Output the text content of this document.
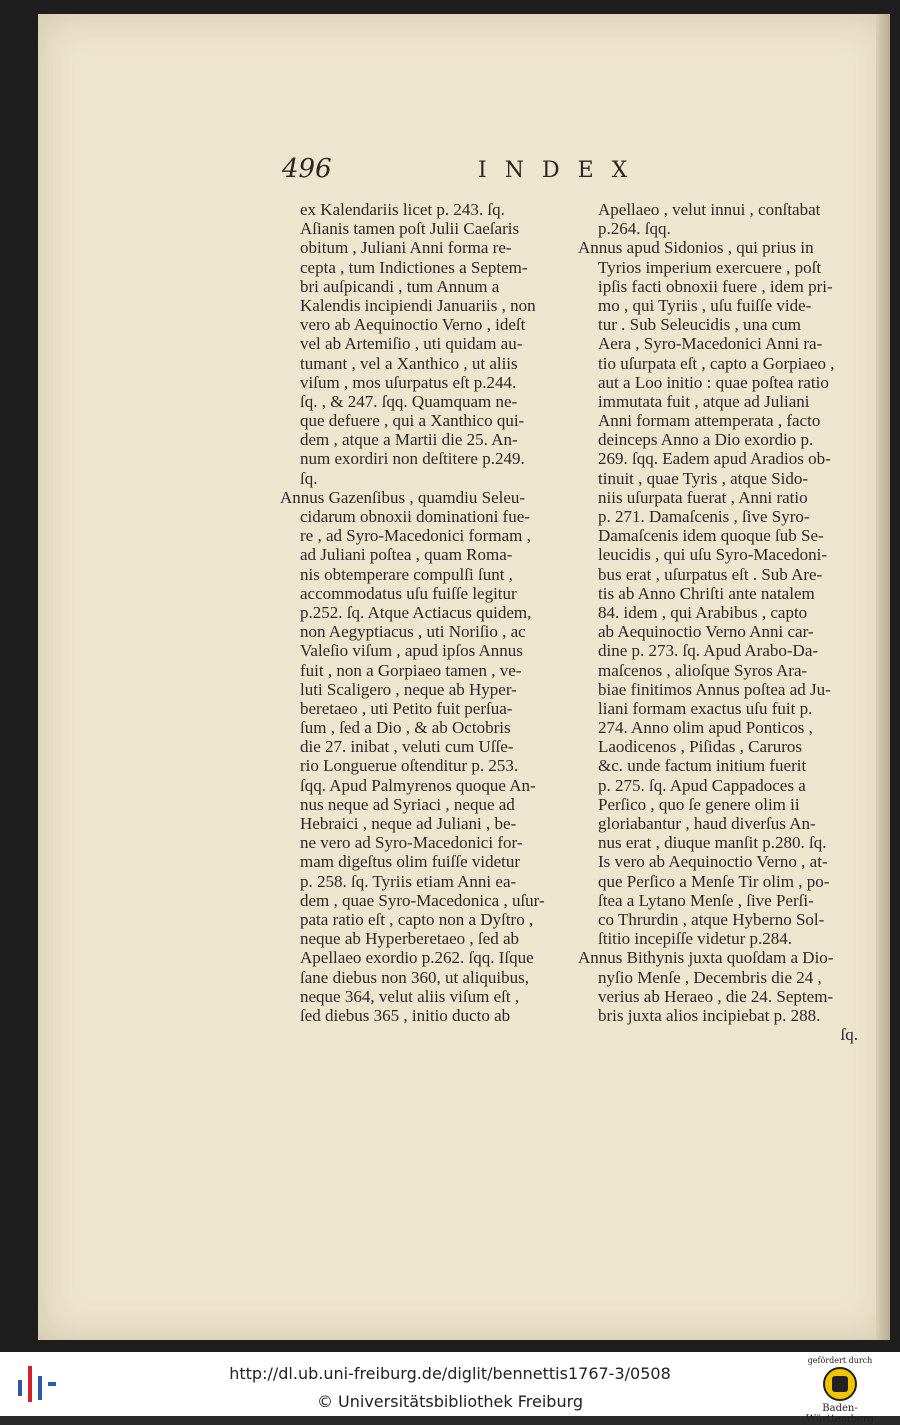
496	INDEX
ex Kalendariis licet p. 243. ſq.
Aſianis tamen poſt Julii Caeſaris
obitum , Juliani Anni forma re-
cepta , tum Indictiones a Septem-
bri auſpicandi , tum Annum a
Kalendis incipiendi Januariis , non
vero ab Aequinoctio Verno , ideſt
vel ab Artemiſio , uti quidam au-
tumant , vel a Xanthico , ut aliis
viſum , mos uſurpatus eſt p.244.
ſq. , & 247. ſqq. Quamquam ne-
que defuere , qui a Xanthico qui-
dem , atque a Martii die 25. An-
num exordiri non deſtitere p.249.
ſq.
Annus Gazenſibus , quamdiu Seleu-
cidarum obnoxii dominationi fue-
re , ad Syro-Macedonici formam ,
ad Juliani poſtea , quam Roma-
nis obtemperare compulſi ſunt ,
accommodatus uſu fuiſſe legitur
p.252. ſq. Atque Actiacus quidem,
non Aegyptiacus , uti Noriſio , ac
Valeſio viſum , apud ipſos Annus
fuit , non a Gorpiaeo tamen , ve-
luti Scaligero , neque ab Hyper-
beretaeo , uti Petito fuit perſua-
ſum , ſed a Dio , & ab Octobris
die 27. inibat , veluti cum Uſſe-
rio Longuerue oſtenditur p. 253.
ſqq. Apud Palmyrenos quoque An-
nus neque ad Syriaci , neque ad
Hebraici , neque ad Juliani , be-
ne vero ad Syro-Macedonici for-
mam digeſtus olim fuiſſe videtur
p. 258. ſq. Tyriis etiam Anni ea-
dem , quae Syro-Macedonica , uſur-
pata ratio eſt , capto non a Dyſtro ,
neque ab Hyperberetaeo , ſed ab
Apellaeo exordio p.262. ſqq. Iſque
ſane diebus non 360, ut aliquibus,
neque 364, velut aliis viſum eſt ,
ſed diebus 365 , initio ducto ab
Apellaeo , velut innui , conſtabat
p.264. ſqq.
Annus apud Sidonios , qui prius in
Tyrios imperium exercuere , poſt
ipſis facti obnoxii fuere , idem pri-
mo , qui Tyriis , uſu fuiſſe vide-
tur . Sub Seleucidis , una cum
Aera , Syro-Macedonici Anni ra-
tio uſurpata eſt , capto a Gorpiaeo ,
aut a Loo initio : quae poſtea ratio
immutata fuit , atque ad Juliani
Anni formam attemperata , facto
deinceps Anno a Dio exordio p.
269. ſqq. Eadem apud Aradios ob-
tinuit , quae Tyris , atque Sido-
niis uſurpata fuerat , Anni ratio
p. 271. Damaſcenis , ſive Syro-
Damaſcenis idem quoque ſub Se-
leucidis , qui uſu Syro-Macedoni-
bus erat , uſurpatus eſt . Sub Are-
tis ab Anno Chriſti ante natalem
84. idem , qui Arabibus , capto
ab Aequinoctio Verno Anni car-
dine p. 273. ſq. Apud Arabo-Da-
maſcenos , alioſque Syros Ara-
biae finitimos Annus poſtea ad Ju-
liani formam exactus uſu fuit p.
274. Anno olim apud Ponticos ,
Laodicenos , Piſidas , Caruros
&c. unde factum initium fuerit
p. 275. ſq. Apud Cappadoces a
Perſico , quo ſe genere olim ii
gloriabantur , haud diverſus An-
nus erat , diuque manſit p.280. ſq.
Is vero ab Aequinoctio Verno , at-
que Perſico a Menſe Tir olim , po-
ſtea a Lytano Menſe , ſive Perſi-
co Thrurdin , atque Hyberno Sol-
ſtitio incepiſſe videtur p.284.
Annus Bithynis juxta quoſdam a Dio-
nyſio Menſe , Decembris die 24 ,
verius ab Heraeo , die 24. Septem-
bris juxta alios incipiebat p. 288.
ſq.
http://dl.ub.uni-freiburg.de/diglit/bennettis1767-3/0508
© Universitätsbibliothek Freiburg
gefördert durch
Baden-Württemberg
